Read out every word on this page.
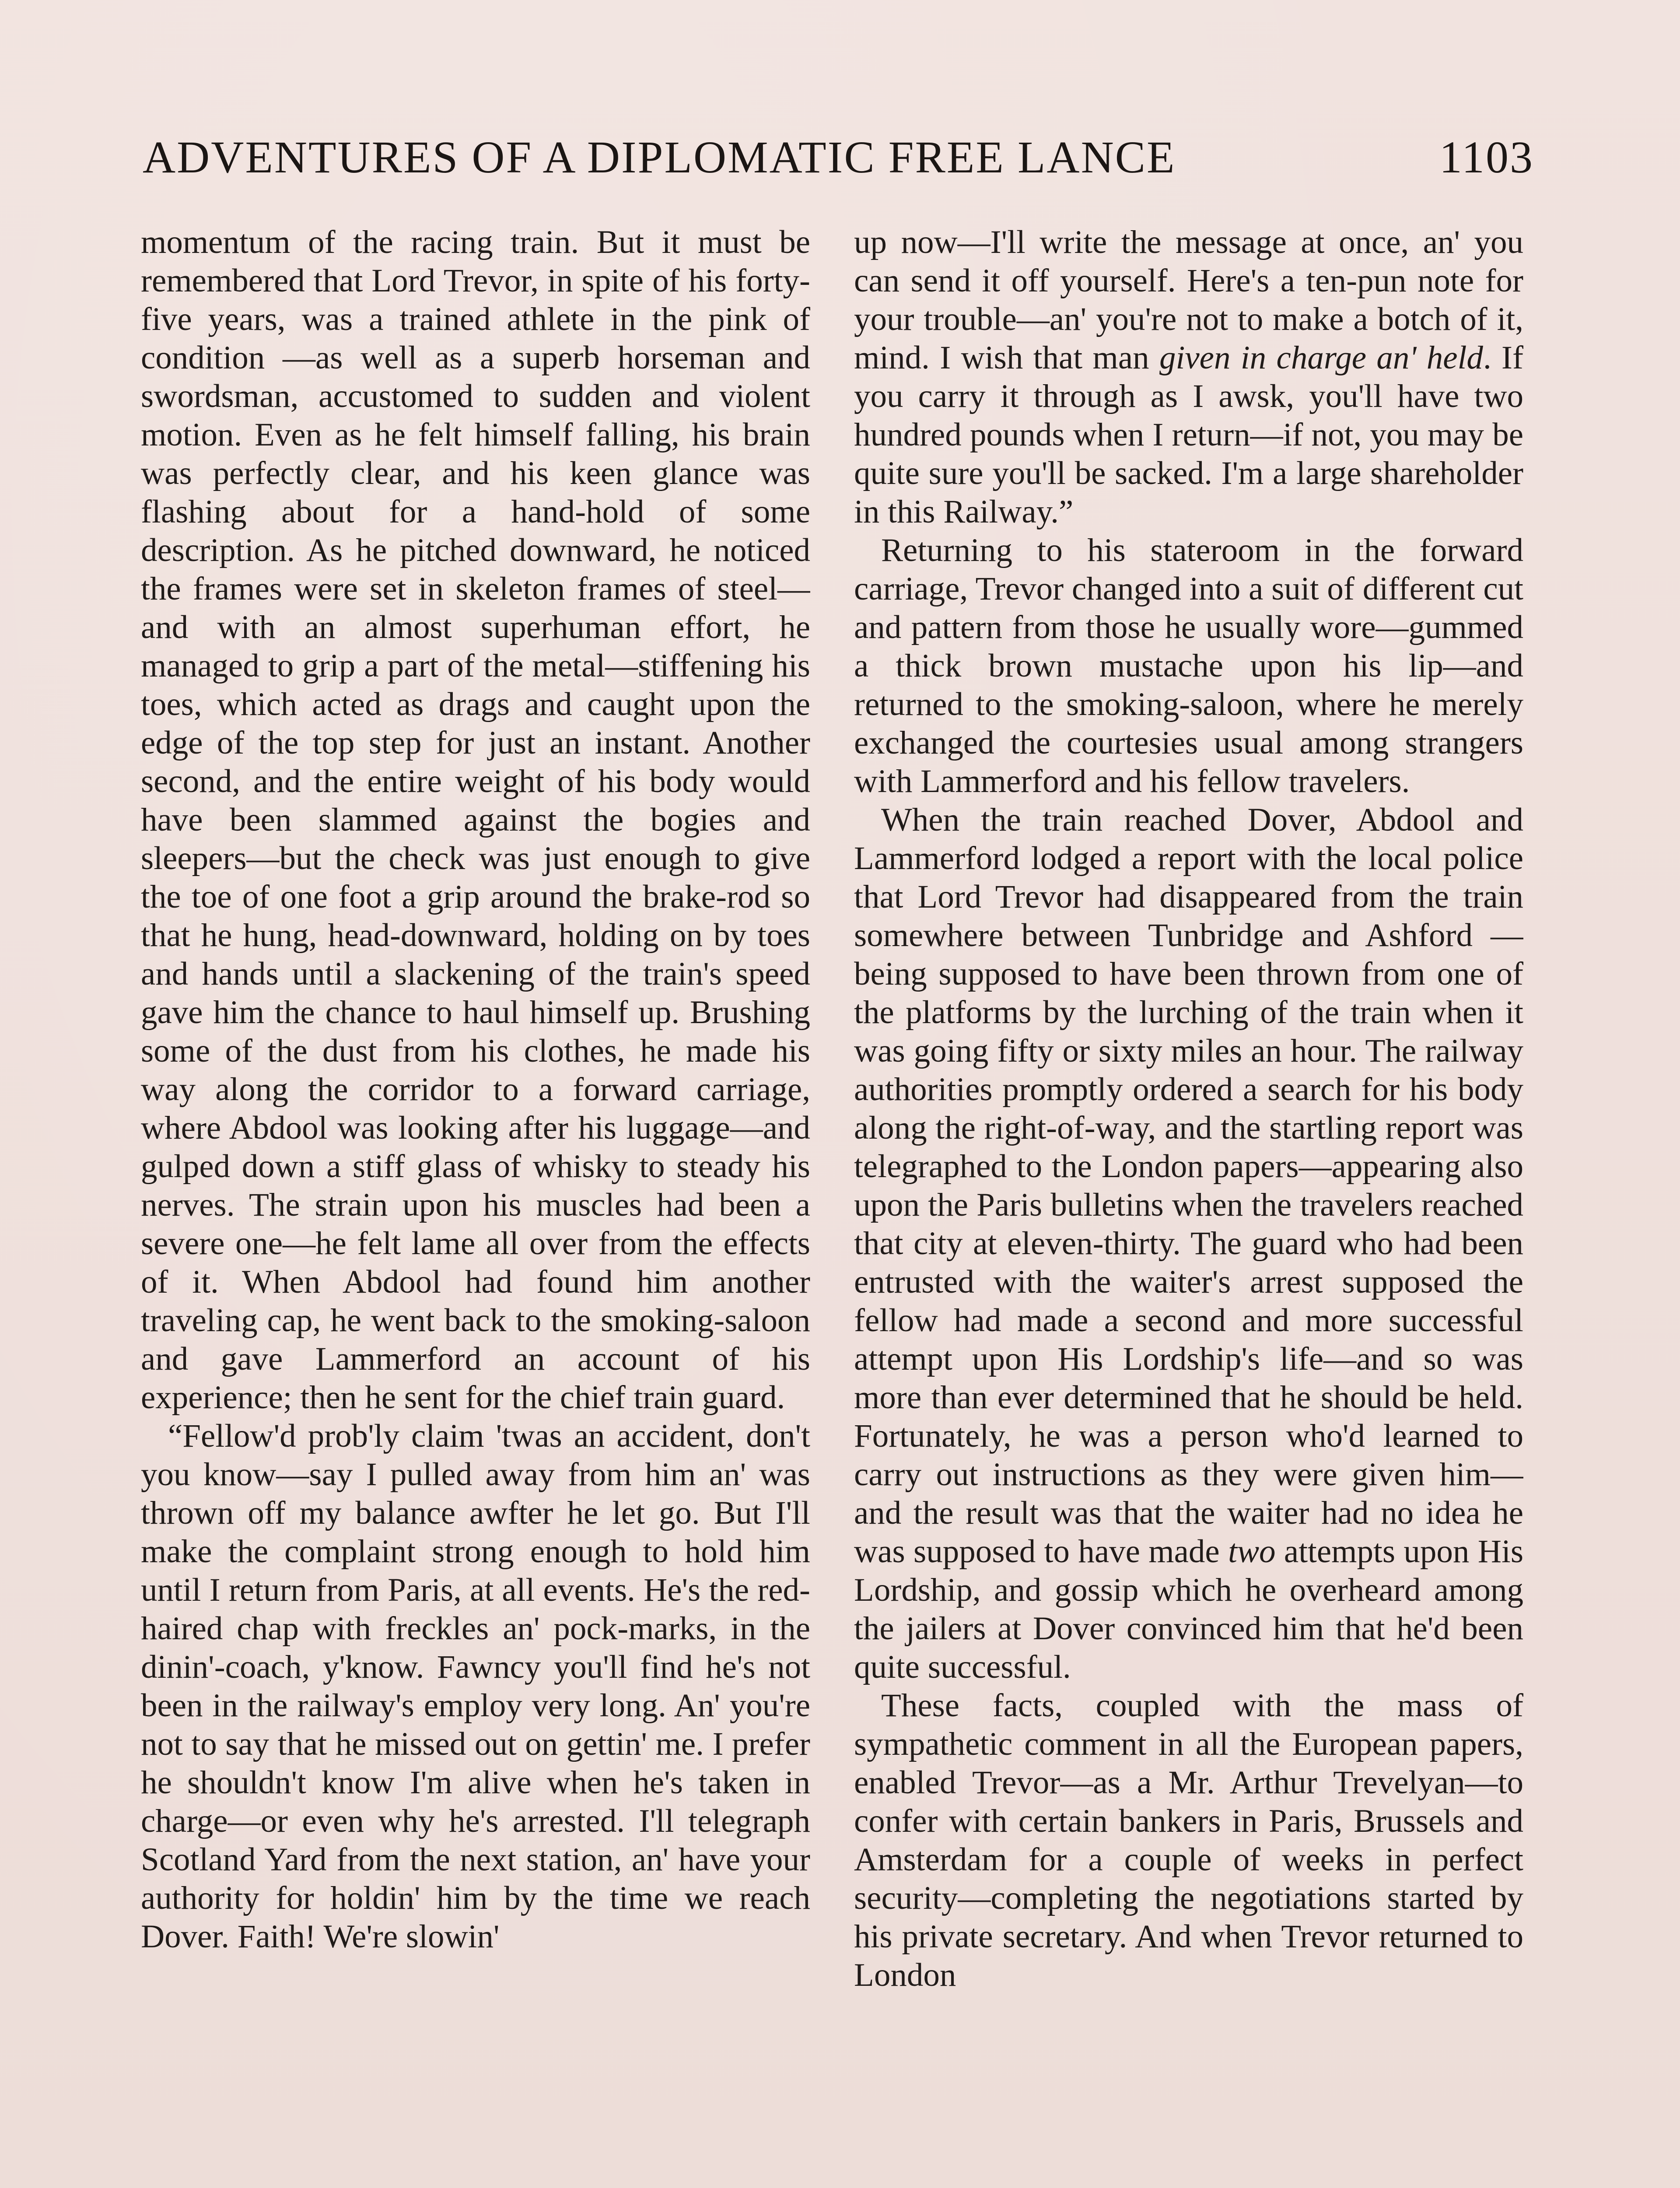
ADVENTURES OF A DIPLOMATIC FREE LANCE	1103

momentum of the racing train. But it must be remembered that Lord Trevor, in spite of his forty-five years, was a trained athlete in the pink of condition —as well as a superb horseman and swordsman, accustomed to sudden and violent motion. Even as he felt himself falling, his brain was perfectly clear, and his keen glance was flashing about for a hand-hold of some description. As he pitched downward, he noticed the frames were set in skeleton frames of steel—and with an almost superhuman effort, he managed to grip a part of the metal—stiffening his toes, which acted as drags and caught upon the edge of the top step for just an instant. Another second, and the entire weight of his body would have been slammed against the bogies and sleepers—but the check was just enough to give the toe of one foot a grip around the brake-rod so that he hung, head-downward, holding on by toes and hands until a slackening of the train's speed gave him the chance to haul himself up. Brushing some of the dust from his clothes, he made his way along the corridor to a forward carriage, where Abdool was looking after his luggage—and gulped down a stiff glass of whisky to steady his nerves. The strain upon his muscles had been a severe one—he felt lame all over from the effects of it. When Abdool had found him another traveling cap, he went back to the smoking-saloon and gave Lammerford an account of his experience; then he sent for the chief train guard.

“Fellow'd prob'ly claim 'twas an accident, don't you know—say I pulled away from him an' was thrown off my balance awfter he let go. But I'll make the complaint strong enough to hold him until I return from Paris, at all events. He's the red-haired chap with freckles an' pock-marks, in the dinin'-coach, y'know. Fawncy you'll find he's not been in the railway's employ very long. An' you're not to say that he missed out on gettin' me. I prefer he shouldn't know I'm alive when he's taken in charge—or even why he's arrested. I'll telegraph Scotland Yard from the next station, an' have your authority for holdin' him by the time we reach Dover. Faith! We're slowin'

up now—I'll write the message at once, an' you can send it off yourself. Here's a ten-pun note for your trouble—an' you're not to make a botch of it, mind. I wish that man given in charge an' held. If you carry it through as I awsk, you'll have two hundred pounds when I return—if not, you may be quite sure you'll be sacked. I'm a large shareholder in this Railway.”

Returning to his stateroom in the forward carriage, Trevor changed into a suit of different cut and pattern from those he usually wore—gummed a thick brown mustache upon his lip—and returned to the smoking-saloon, where he merely exchanged the courtesies usual among strangers with Lammerford and his fellow travelers.

When the train reached Dover, Abdool and Lammerford lodged a report with the local police that Lord Trevor had disappeared from the train somewhere between Tunbridge and Ashford —being supposed to have been thrown from one of the platforms by the lurching of the train when it was going fifty or sixty miles an hour. The railway authorities promptly ordered a search for his body along the right-of-way, and the startling report was telegraphed to the London papers—appearing also upon the Paris bulletins when the travelers reached that city at eleven-thirty. The guard who had been entrusted with the waiter's arrest supposed the fellow had made a second and more successful attempt upon His Lordship's life—and so was more than ever determined that he should be held. Fortunately, he was a person who'd learned to carry out instructions as they were given him—and the result was that the waiter had no idea he was supposed to have made two attempts upon His Lordship, and gossip which he overheard among the jailers at Dover convinced him that he'd been quite successful.

These facts, coupled with the mass of sympathetic comment in all the European papers, enabled Trevor—as a Mr. Arthur Trevelyan—to confer with certain bankers in Paris, Brussels and Amsterdam for a couple of weeks in perfect security—completing the negotiations started by his private secretary. And when Trevor returned to London
